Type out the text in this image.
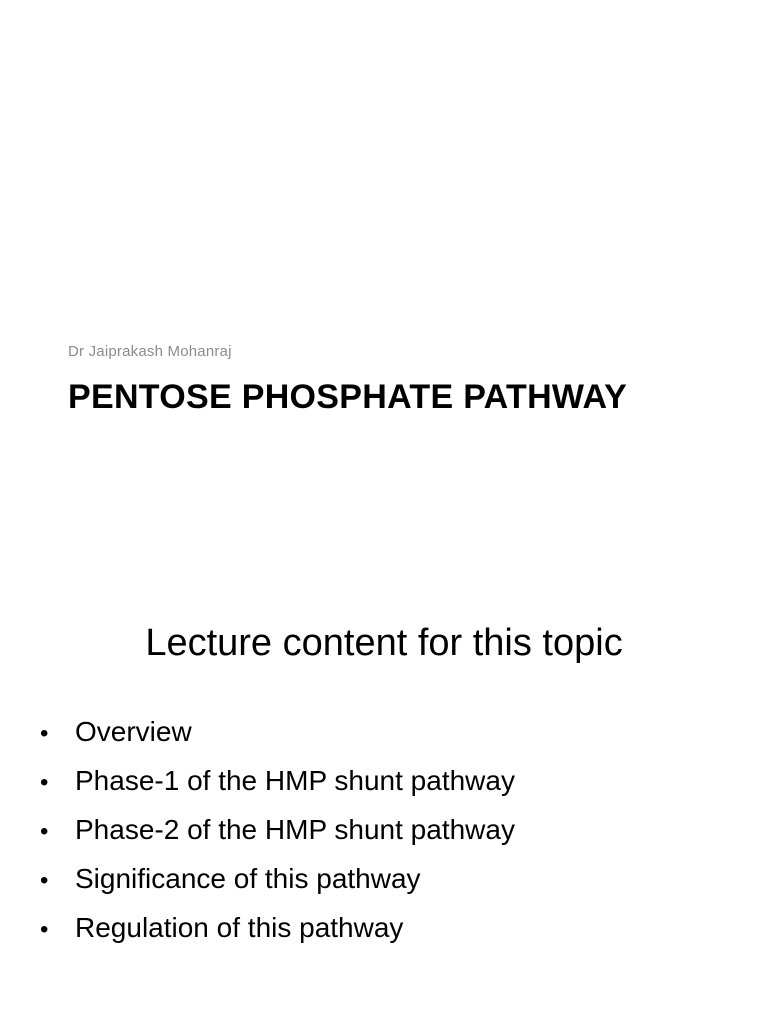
Dr Jaiprakash Mohanraj
PENTOSE PHOSPHATE PATHWAY
Lecture content for this topic
• Overview
• Phase-1 of the HMP shunt pathway
• Phase-2 of the HMP shunt pathway
• Significance of this pathway
• Regulation of this pathway
